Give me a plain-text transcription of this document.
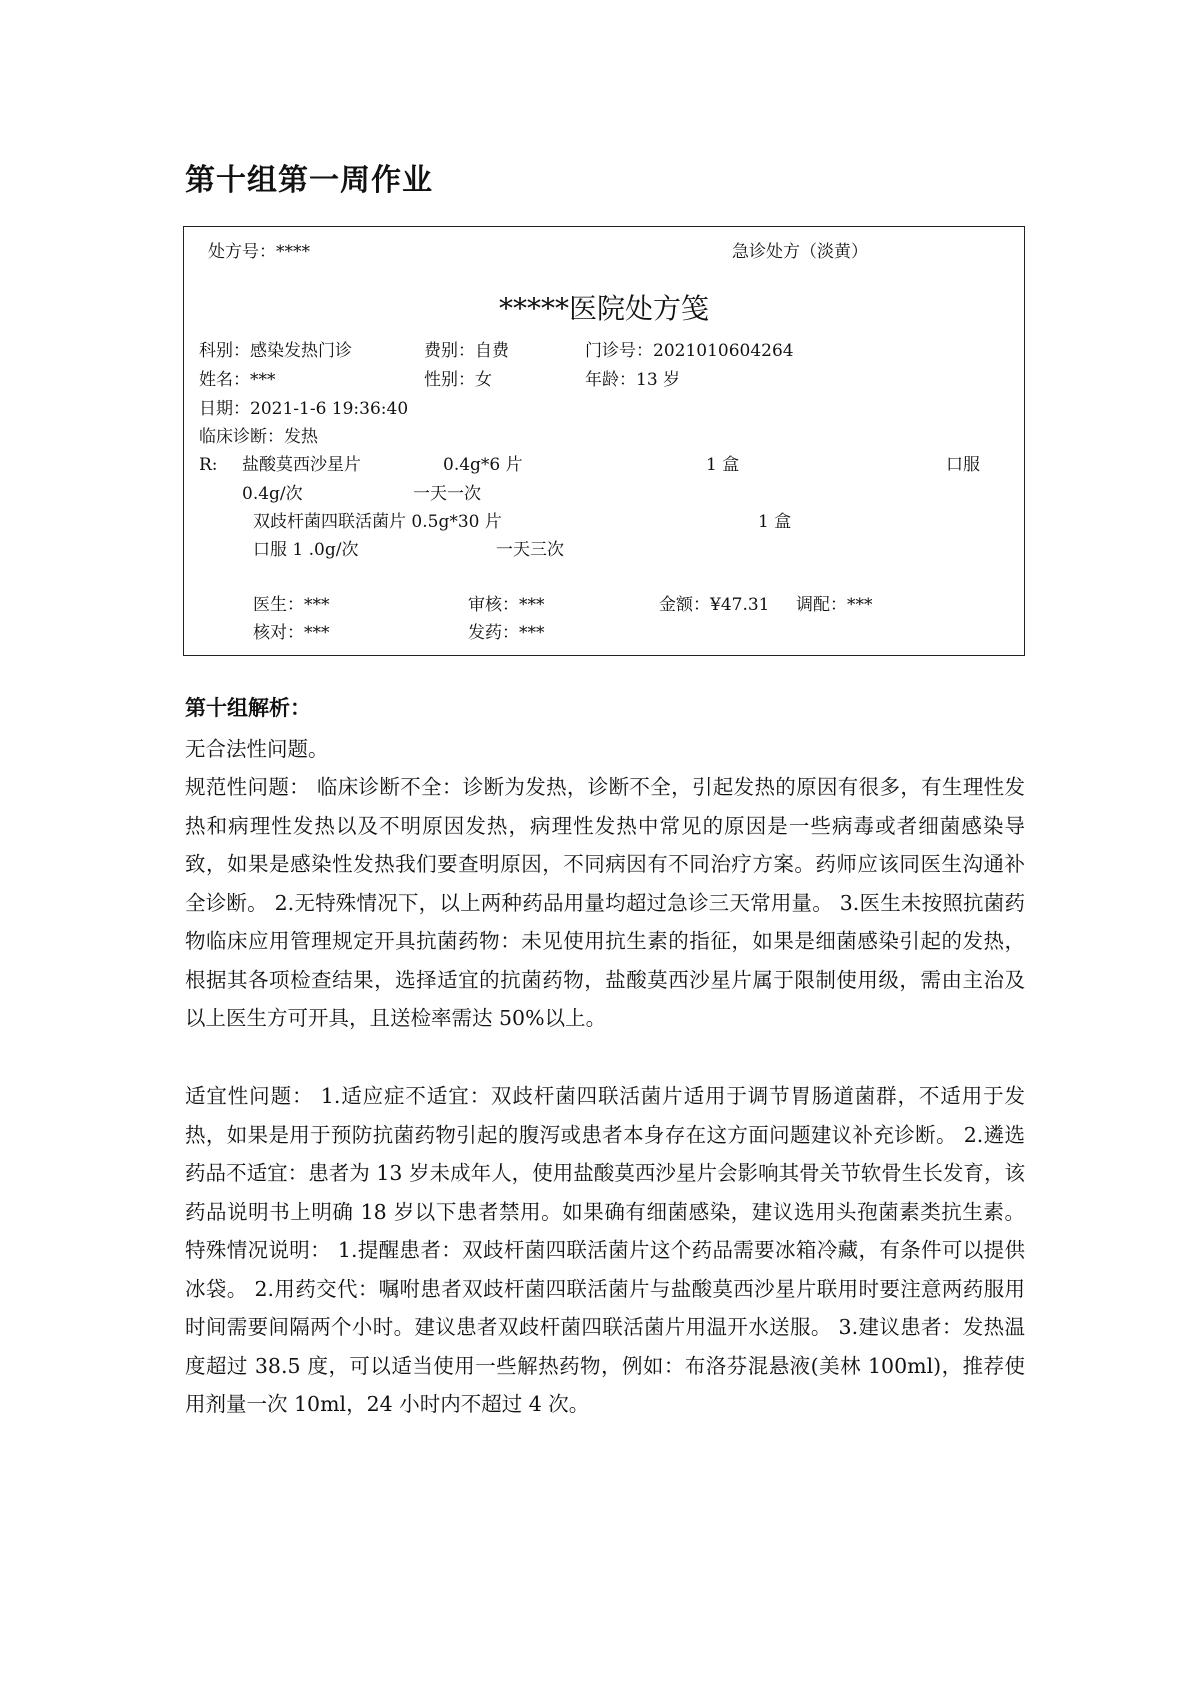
第十组第一周作业
处方号：****	急诊处方（淡黄）
*****医院处方笺
科别：感染发热门诊	费别：自费	门诊号：2021010604264
姓名：***	性别：女	年龄：13 岁
日期：2021-1-6 19:36:40
临床诊断：发热
R: 盐酸莫西沙星片	0.4g*6 片	1 盒	口服
0.4g/次	一天一次
双歧杆菌四联活菌片 0.5g*30 片	1 盒
口服 1 .0g/次	一天三次
医生：***	审核：***	金额：¥47.31 调配：***
核对：***	发药：***
第十组解析：

无合法性问题。

规范性问题： 临床诊断不全：诊断为发热，诊断不全，引起发热的原因有很多，有生理性发热和病理性发热以及不明原因发热，病理性发热中常见的原因是一些病毒或者细菌感染导致，如果是感染性发热我们要查明原因，不同病因有不同治疗方案。药师应该同医生沟通补全诊断。 2.无特殊情况下，以上两种药品用量均超过急诊三天常用量。 3.医生未按照抗菌药物临床应用管理规定开具抗菌药物：未见使用抗生素的指征，如果是细菌感染引起的发热，根据其各项检查结果，选择适宜的抗菌药物，盐酸莫西沙星片属于限制使用级，需由主治及以上医生方可开具，且送检率需达 50%以上。

适宜性问题： 1.适应症不适宜：双歧杆菌四联活菌片适用于调节胃肠道菌群，不适用于发热，如果是用于预防抗菌药物引起的腹泻或患者本身存在这方面问题建议补充诊断。 2.遴选药品不适宜：患者为 13 岁未成年人，使用盐酸莫西沙星片会影响其骨关节软骨生长发育，该药品说明书上明确 18 岁以下患者禁用。如果确有细菌感染，建议选用头孢菌素类抗生素。 特殊情况说明： 1.提醒患者：双歧杆菌四联活菌片这个药品需要冰箱冷藏，有条件可以提供冰袋。 2.用药交代：嘱咐患者双歧杆菌四联活菌片与盐酸莫西沙星片联用时要注意两药服用时间需要间隔两个小时。建议患者双歧杆菌四联活菌片用温开水送服。 3.建议患者：发热温度超过 38.5 度，可以适当使用一些解热药物，例如：布洛芬混悬液(美林 100ml)，推荐使用剂量一次 10ml，24 小时内不超过 4 次。
